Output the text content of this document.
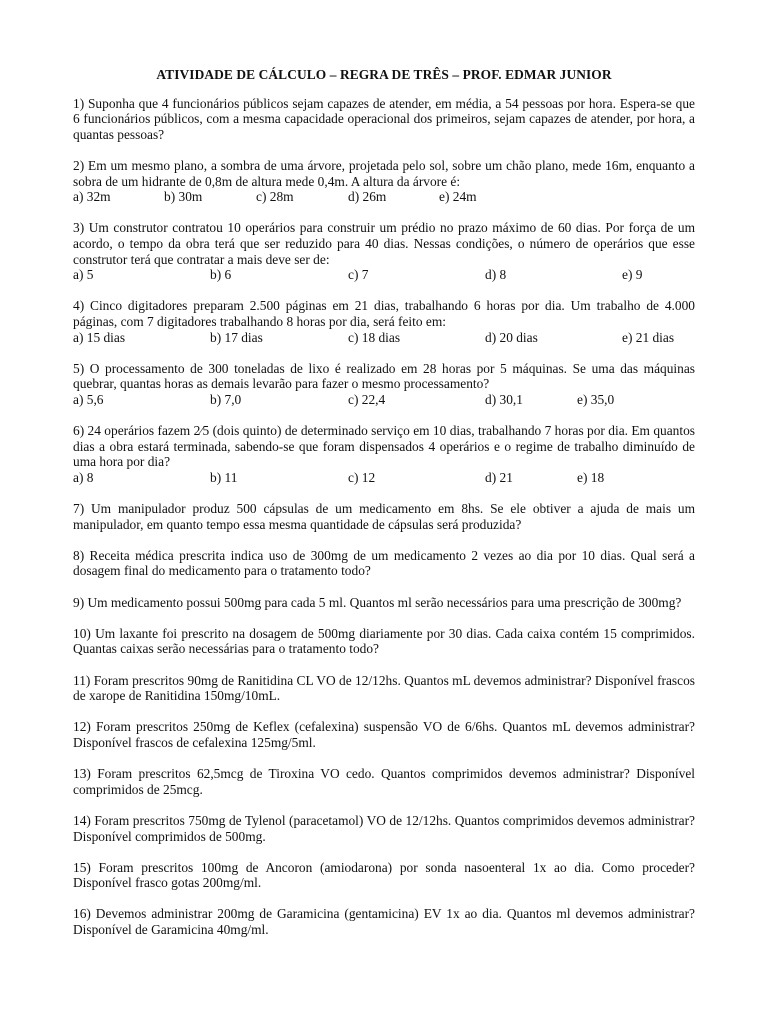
ATIVIDADE DE CÁLCULO – REGRA DE TRÊS – PROF. EDMAR JUNIOR

1) Suponha que 4 funcionários públicos sejam capazes de atender, em média, a 54 pessoas por hora. Espera-se que 6 funcionários públicos, com a mesma capacidade operacional dos primeiros, sejam capazes de atender, por hora, a quantas pessoas?

2) Em um mesmo plano, a sombra de uma árvore, projetada pelo sol, sobre um chão plano, mede 16m, enquanto a sobra de um hidrante de 0,8m de altura mede 0,4m. A altura da árvore é:

a) 32m	b) 30m	c) 28m	d) 26m	e) 24m

3) Um construtor contratou 10 operários para construir um prédio no prazo máximo de 60 dias. Por força de um acordo, o tempo da obra terá que ser reduzido para 40 dias. Nessas condições, o número de operários que esse construtor terá que contratar a mais deve ser de:

a) 5	b) 6	c) 7	d) 8	e) 9

4) Cinco digitadores preparam 2.500 páginas em 21 dias, trabalhando 6 horas por dia. Um trabalho de 4.000 páginas, com 7 digitadores trabalhando 8 horas por dia, será feito em:

a) 15 dias	b) 17 dias	c) 18 dias	d) 20 dias	e) 21 dias

5) O processamento de 300 toneladas de lixo é realizado em 28 horas por 5 máquinas. Se uma das máquinas quebrar, quantas horas as demais levarão para fazer o mesmo processamento?

a) 5,6	b) 7,0	c) 22,4	d) 30,1	e) 35,0

6) 24 operários fazem 2⁄5 (dois quinto) de determinado serviço em 10 dias, trabalhando 7 horas por dia. Em quantos dias a obra estará terminada, sabendo-se que foram dispensados 4 operários e o regime de trabalho diminuído de uma hora por dia?

a) 8	b) 11	c) 12	d) 21	e) 18

7) Um manipulador produz 500 cápsulas de um medicamento em 8hs. Se ele obtiver a ajuda de mais um manipulador, em quanto tempo essa mesma quantidade de cápsulas será produzida?

8) Receita médica prescrita indica uso de 300mg de um medicamento 2 vezes ao dia por 10 dias. Qual será a dosagem final do medicamento para o tratamento todo?

9) Um medicamento possui 500mg para cada 5 ml. Quantos ml serão necessários para uma prescrição de 300mg?

10) Um laxante foi prescrito na dosagem de 500mg diariamente por 30 dias. Cada caixa contém 15 comprimidos. Quantas caixas serão necessárias para o tratamento todo?

11) Foram prescritos 90mg de Ranitidina CL VO de 12/12hs. Quantos mL devemos administrar? Disponível frascos de xarope de Ranitidina 150mg/10mL.

12) Foram prescritos 250mg de Keflex (cefalexina) suspensão VO de 6/6hs. Quantos mL devemos administrar? Disponível frascos de cefalexina 125mg/5ml.

13) Foram prescritos 62,5mcg de Tiroxina VO cedo. Quantos comprimidos devemos administrar? Disponível comprimidos de 25mcg.

14) Foram prescritos 750mg de Tylenol (paracetamol) VO de 12/12hs. Quantos comprimidos devemos administrar? Disponível comprimidos de 500mg.

15) Foram prescritos 100mg de Ancoron (amiodarona) por sonda nasoenteral 1x ao dia. Como proceder? Disponível frasco gotas 200mg/ml.

16) Devemos administrar 200mg de Garamicina (gentamicina) EV 1x ao dia. Quantos ml devemos administrar? Disponível de Garamicina 40mg/ml.
